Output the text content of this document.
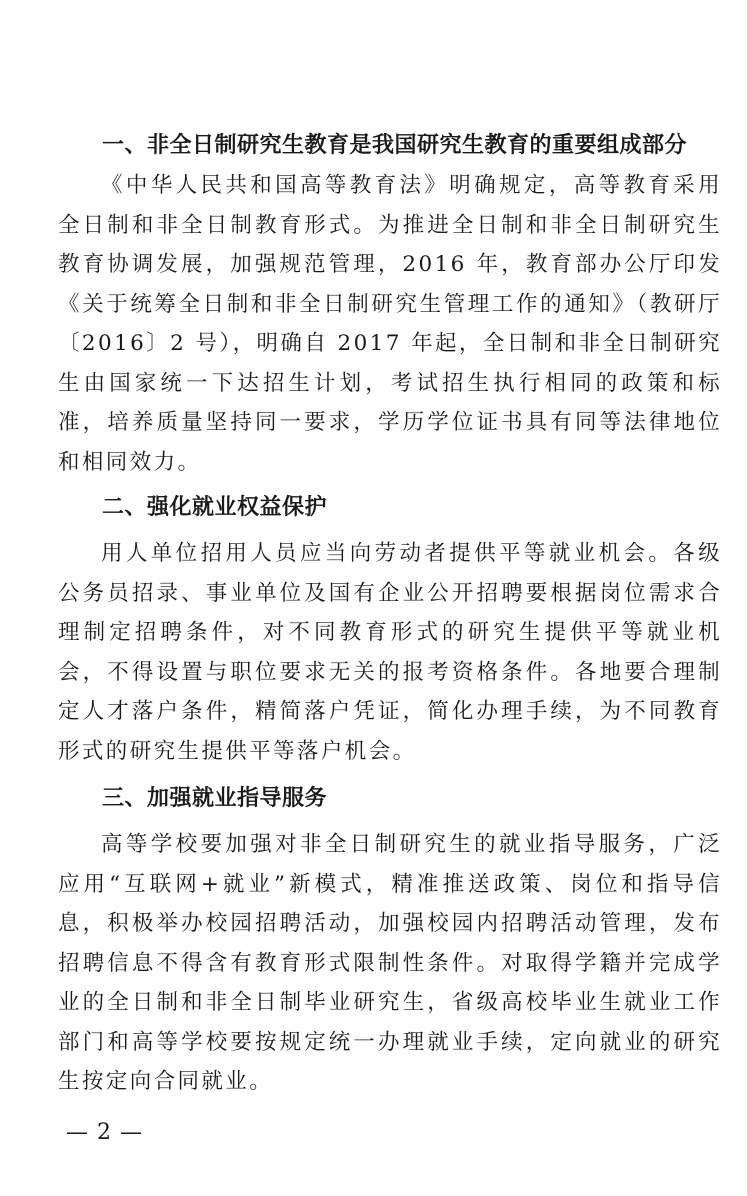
一、非全日制研究生教育是我国研究生教育的重要组成部分

《中华人民共和国高等教育法》明确规定，高等教育采用全日制和非全日制教育形式。为推进全日制和非全日制研究生教育协调发展，加强规范管理，2016 年，教育部办公厅印发《关于统筹全日制和非全日制研究生管理工作的通知》（教研厅〔2016〕2 号），明确自 2017 年起，全日制和非全日制研究生由国家统一下达招生计划，考试招生执行相同的政策和标准，培养质量坚持同一要求，学历学位证书具有同等法律地位和相同效力。

二、强化就业权益保护

用人单位招用人员应当向劳动者提供平等就业机会。各级公务员招录、事业单位及国有企业公开招聘要根据岗位需求合理制定招聘条件，对不同教育形式的研究生提供平等就业机会，不得设置与职位要求无关的报考资格条件。各地要合理制定人才落户条件，精简落户凭证，简化办理手续，为不同教育形式的研究生提供平等落户机会。

三、加强就业指导服务

高等学校要加强对非全日制研究生的就业指导服务，广泛应用“互联网+就业”新模式，精准推送政策、岗位和指导信息，积极举办校园招聘活动，加强校园内招聘活动管理，发布招聘信息不得含有教育形式限制性条件。对取得学籍并完成学业的全日制和非全日制毕业研究生，省级高校毕业生就业工作部门和高等学校要按规定统一办理就业手续，定向就业的研究生按定向合同就业。

— 2 —
